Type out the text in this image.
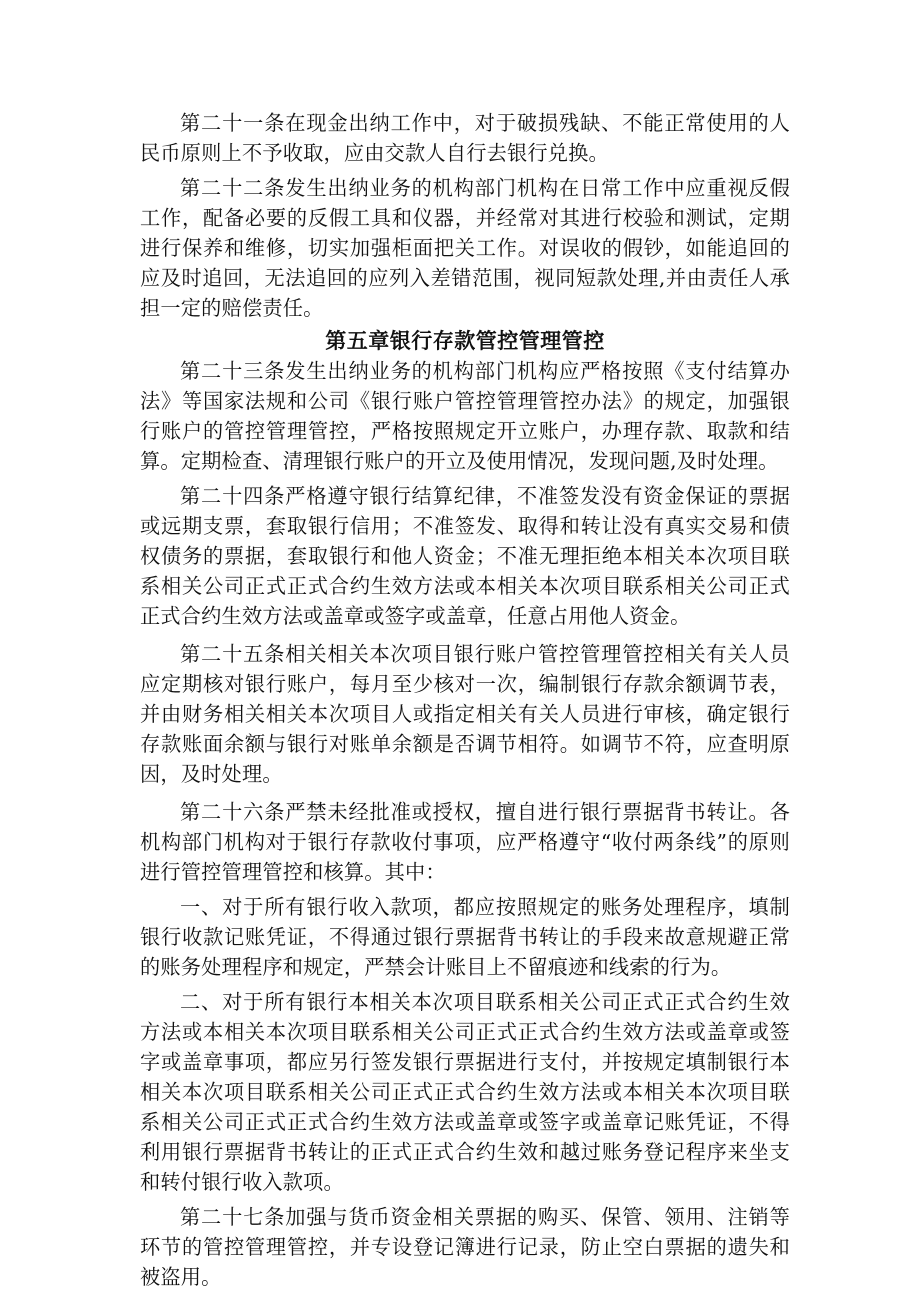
第二十一条在现金出纳工作中，对于破损残缺、不能正常使用的人民币原则上不予收取，应由交款人自行去银行兑换。

第二十二条发生出纳业务的机构部门机构在日常工作中应重视反假工作，配备必要的反假工具和仪器，并经常对其进行校验和测试，定期进行保养和维修，切实加强柜面把关工作。对误收的假钞，如能追回的应及时追回，无法追回的应列入差错范围，视同短款处理,并由责任人承担一定的赔偿责任。

第五章银行存款管控管理管控

第二十三条发生出纳业务的机构部门机构应严格按照《支付结算办法》等国家法规和公司《银行账户管控管理管控办法》的规定，加强银行账户的管控管理管控，严格按照规定开立账户，办理存款、取款和结算。定期检查、清理银行账户的开立及使用情况，发现问题,及时处理。

第二十四条严格遵守银行结算纪律，不准签发没有资金保证的票据或远期支票，套取银行信用；不准签发、取得和转让没有真实交易和债权债务的票据，套取银行和他人资金；不准无理拒绝本相关本次项目联系相关公司正式正式合约生效方法或本相关本次项目联系相关公司正式正式合约生效方法或盖章或签字或盖章，任意占用他人资金。

第二十五条相关相关本次项目银行账户管控管理管控相关有关人员应定期核对银行账户，每月至少核对一次，编制银行存款余额调节表，并由财务相关相关本次项目人或指定相关有关人员进行审核，确定银行存款账面余额与银行对账单余额是否调节相符。如调节不符，应查明原因，及时处理。

第二十六条严禁未经批准或授权，擅自进行银行票据背书转让。各机构部门机构对于银行存款收付事项，应严格遵守“收付两条线”的原则进行管控管理管控和核算。其中：

一、对于所有银行收入款项，都应按照规定的账务处理程序，填制银行收款记账凭证，不得通过银行票据背书转让的手段来故意规避正常的账务处理程序和规定，严禁会计账目上不留痕迹和线索的行为。

二、对于所有银行本相关本次项目联系相关公司正式正式合约生效方法或本相关本次项目联系相关公司正式正式合约生效方法或盖章或签字或盖章事项，都应另行签发银行票据进行支付，并按规定填制银行本相关本次项目联系相关公司正式正式合约生效方法或本相关本次项目联系相关公司正式正式合约生效方法或盖章或签字或盖章记账凭证，不得利用银行票据背书转让的正式正式合约生效和越过账务登记程序来坐支和转付银行收入款项。

第二十七条加强与货币资金相关票据的购买、保管、领用、注销等环节的管控管理管控，并专设登记簿进行记录，防止空白票据的遗失和被盗用。
